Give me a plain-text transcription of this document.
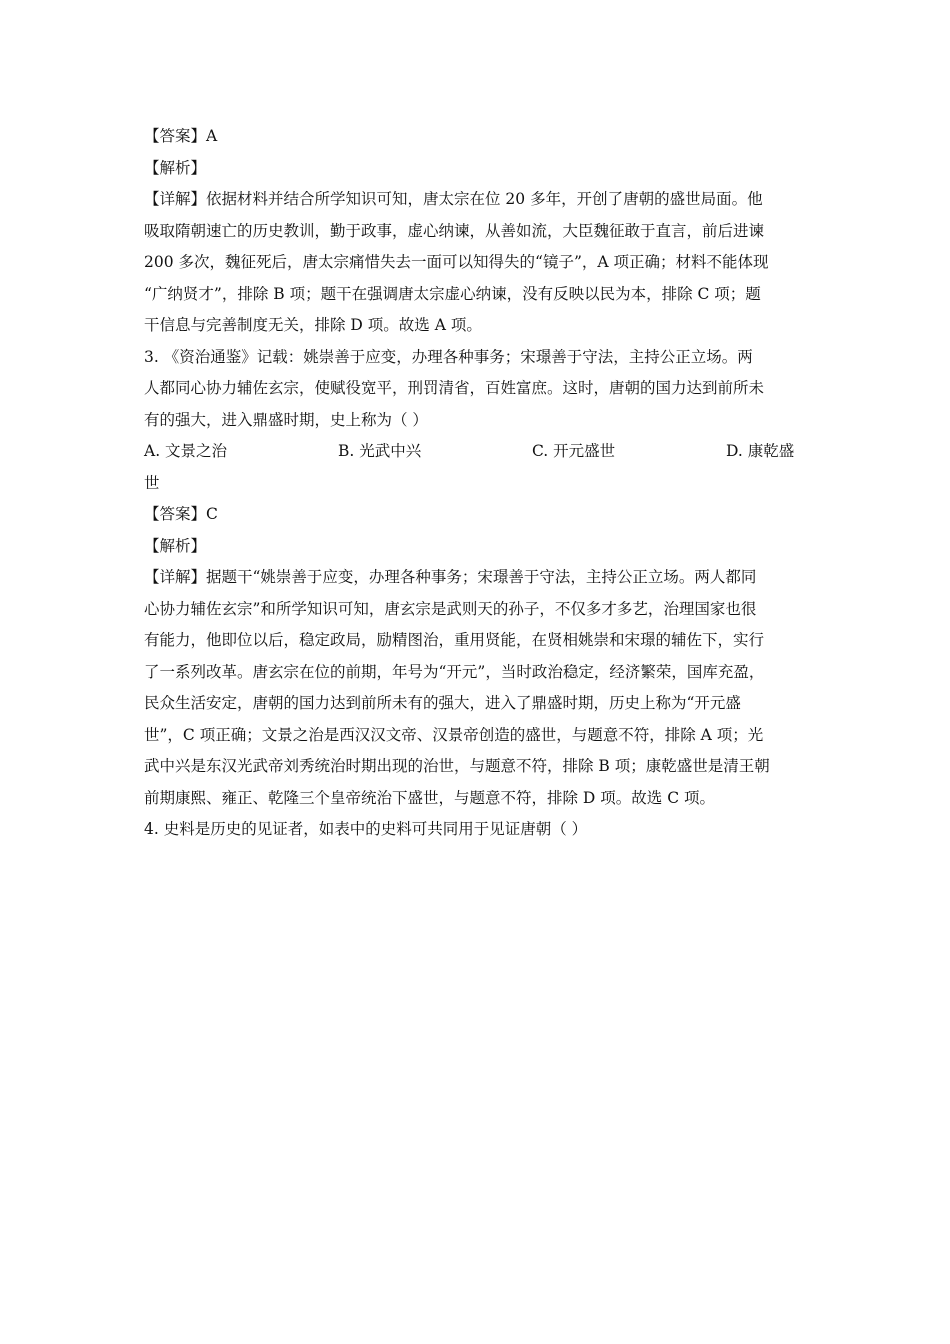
【答案】A
【解析】
【详解】依据材料并结合所学知识可知，唐太宗在位 20 多年，开创了唐朝的盛世局面。他
吸取隋朝速亡的历史教训，勤于政事，虚心纳谏，从善如流，大臣魏征敢于直言，前后进谏
200 多次，魏征死后，唐太宗痛惜失去一面可以知得失的“镜子”，A 项正确；材料不能体现
“广纳贤才”，排除 B 项；题干在强调唐太宗虚心纳谏，没有反映以民为本，排除 C 项；题
干信息与完善制度无关，排除 D 项。故选 A 项。
3. 《资治通鉴》记载：姚崇善于应变，办理各种事务；宋璟善于守法，主持公正立场。两
人都同心协力辅佐玄宗，使赋役宽平，刑罚清省，百姓富庶。这时，唐朝的国力达到前所未
有的强大，进入鼎盛时期，史上称为（ ）
A. 文景之治	B. 光武中兴	C. 开元盛世	D. 康乾盛
世
【答案】C
【解析】
【详解】据题干“姚崇善于应变，办理各种事务；宋璟善于守法，主持公正立场。两人都同
心协力辅佐玄宗”和所学知识可知，唐玄宗是武则天的孙子，不仅多才多艺，治理国家也很
有能力，他即位以后，稳定政局，励精图治，重用贤能，在贤相姚崇和宋璟的辅佐下，实行
了一系列改革。唐玄宗在位的前期，年号为“开元”，当时政治稳定，经济繁荣，国库充盈，
民众生活安定，唐朝的国力达到前所未有的强大，进入了鼎盛时期，历史上称为“开元盛
世”，C 项正确；文景之治是西汉汉文帝、汉景帝创造的盛世，与题意不符，排除 A 项；光
武中兴是东汉光武帝刘秀统治时期出现的治世，与题意不符，排除 B 项；康乾盛世是清王朝
前期康熙、雍正、乾隆三个皇帝统治下盛世，与题意不符，排除 D 项。故选 C 项。
4. 史料是历史的见证者，如表中的史料可共同用于见证唐朝（ ）
